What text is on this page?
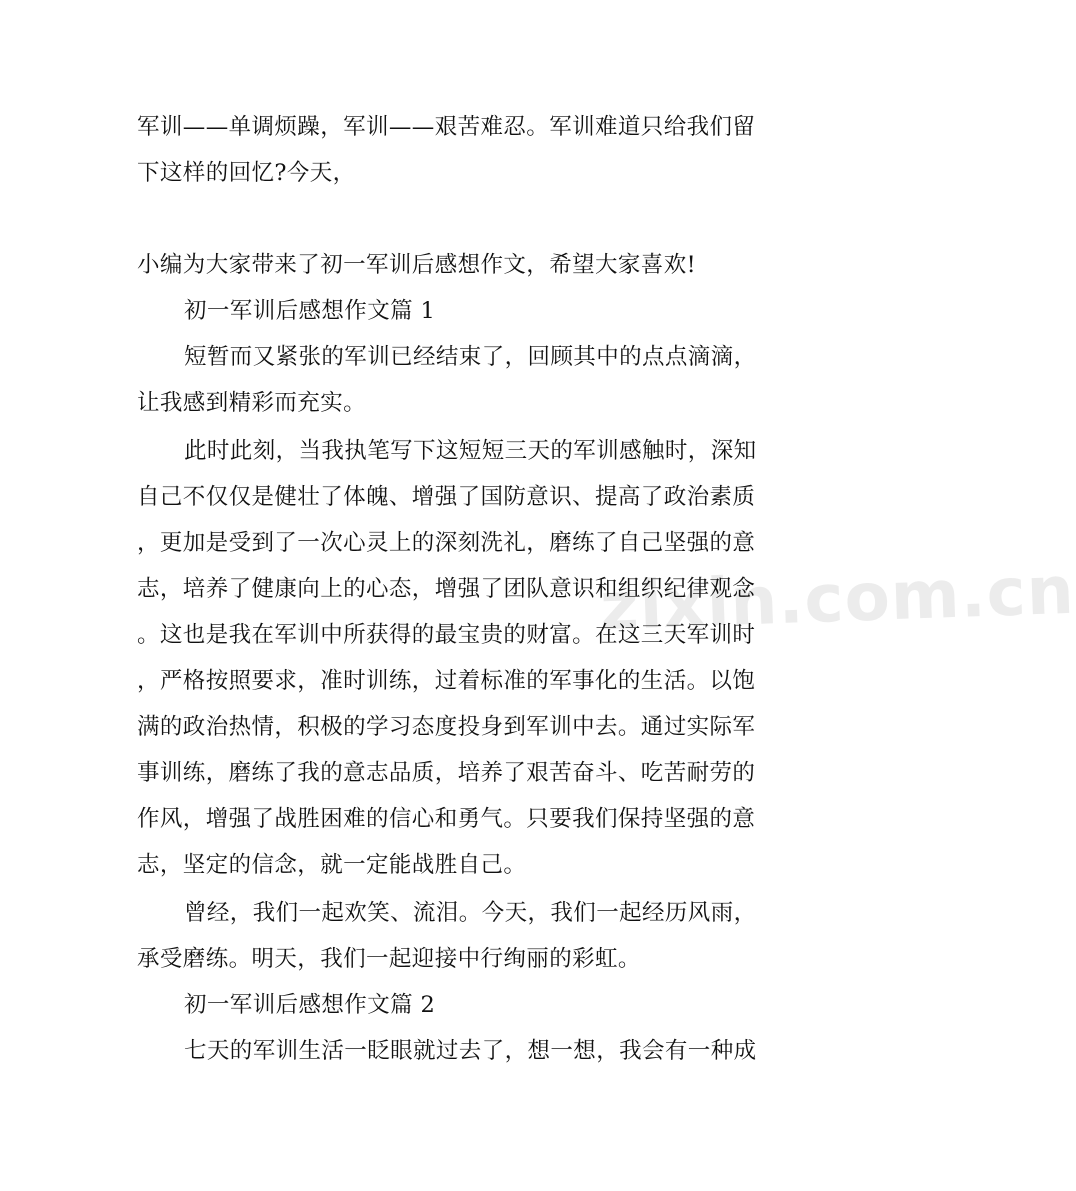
zixin.com.cn
军训——单调烦躁，军训——艰苦难忍。军训难道只给我们留
下这样的回忆?今天，
小编为大家带来了初一军训后感想作文，希望大家喜欢!
初一军训后感想作文篇 1
短暂而又紧张的军训已经结束了，回顾其中的点点滴滴，
让我感到精彩而充实。
此时此刻，当我执笔写下这短短三天的军训感触时，深知
自己不仅仅是健壮了体魄、增强了国防意识、提高了政治素质
，更加是受到了一次心灵上的深刻洗礼，磨练了自己坚强的意
志，培养了健康向上的心态，增强了团队意识和组织纪律观念
。这也是我在军训中所获得的最宝贵的财富。在这三天军训时
，严格按照要求，准时训练，过着标准的军事化的生活。以饱
满的政治热情，积极的学习态度投身到军训中去。通过实际军
事训练，磨练了我的意志品质，培养了艰苦奋斗、吃苦耐劳的
作风，增强了战胜困难的信心和勇气。只要我们保持坚强的意
志，坚定的信念，就一定能战胜自己。
曾经，我们一起欢笑、流泪。今天，我们一起经历风雨，
承受磨练。明天，我们一起迎接中行绚丽的彩虹。
初一军训后感想作文篇 2
七天的军训生活一眨眼就过去了，想一想，我会有一种成
